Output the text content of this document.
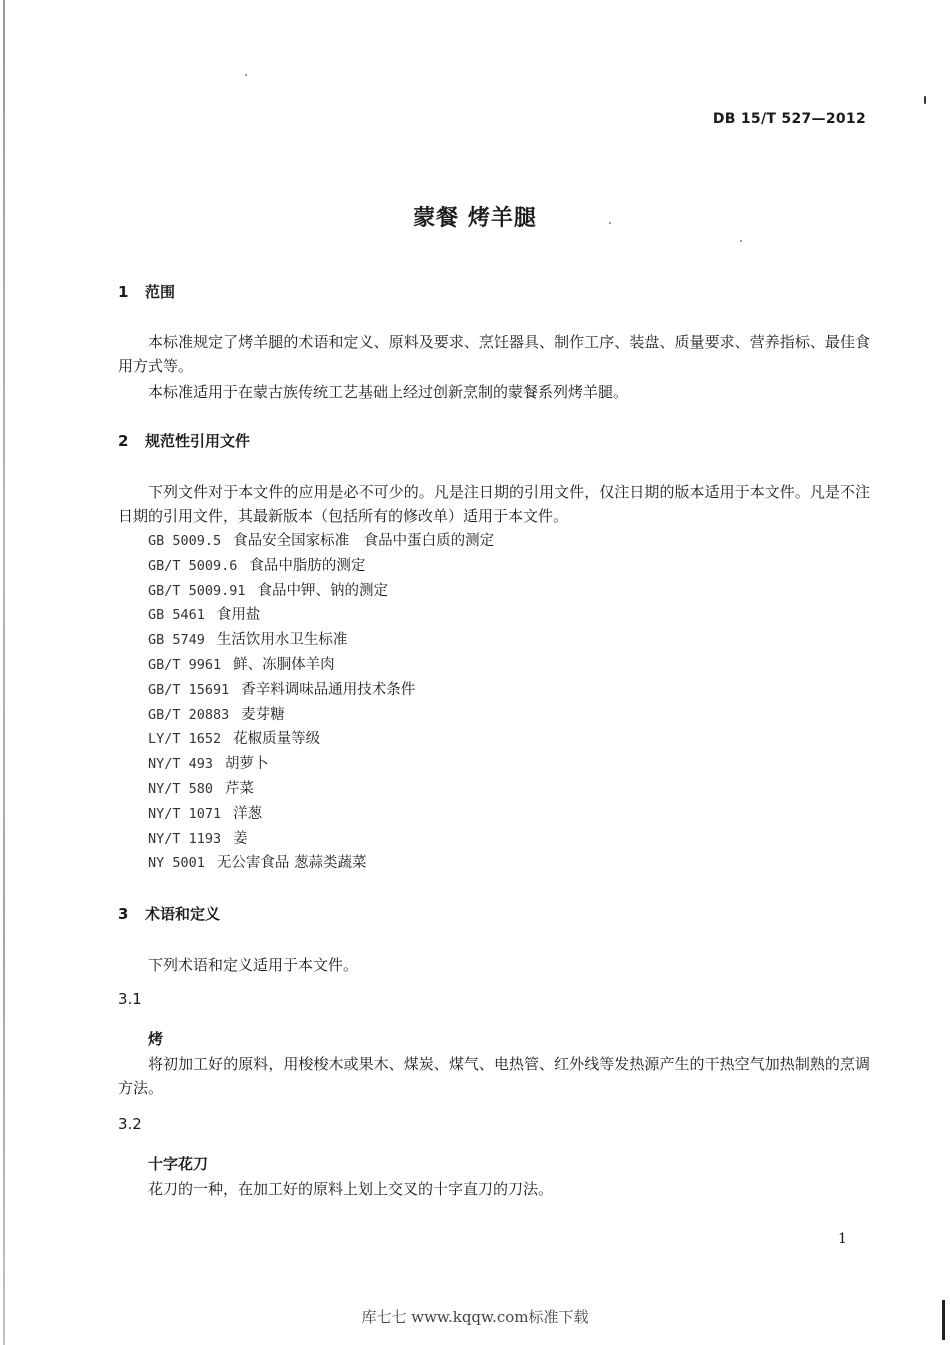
DB 15/T 527—2012
蒙餐 烤羊腿
1 范围
本标准规定了烤羊腿的术语和定义、原料及要求、烹饪器具、制作工序、装盘、质量要求、营养指标、最佳食用方式等。
本标准适用于在蒙古族传统工艺基础上经过创新烹制的蒙餐系列烤羊腿。
2 规范性引用文件
下列文件对于本文件的应用是必不可少的。凡是注日期的引用文件，仅注日期的版本适用于本文件。凡是不注日期的引用文件，其最新版本（包括所有的修改单）适用于本文件。
GB 5009.5 食品安全国家标准　食品中蛋白质的测定
GB/T 5009.6 食品中脂肪的测定
GB/T 5009.91 食品中钾、钠的测定
GB 5461 食用盐
GB 5749 生活饮用水卫生标准
GB/T 9961 鲜、冻胴体羊肉
GB/T 15691 香辛料调味品通用技术条件
GB/T 20883 麦芽糖
LY/T 1652 花椒质量等级
NY/T 493 胡萝卜
NY/T 580 芹菜
NY/T 1071 洋葱
NY/T 1193 姜
NY 5001 无公害食品 葱蒜类蔬菜
3 术语和定义
下列术语和定义适用于本文件。
3.1
烤
将初加工好的原料，用梭梭木或果木、煤炭、煤气、电热管、红外线等发热源产生的干热空气加热制熟的烹调方法。
3.2
十字花刀
花刀的一种，在加工好的原料上划上交叉的十字直刀的刀法。
1
库七七 www.kqqw.com标准下载
